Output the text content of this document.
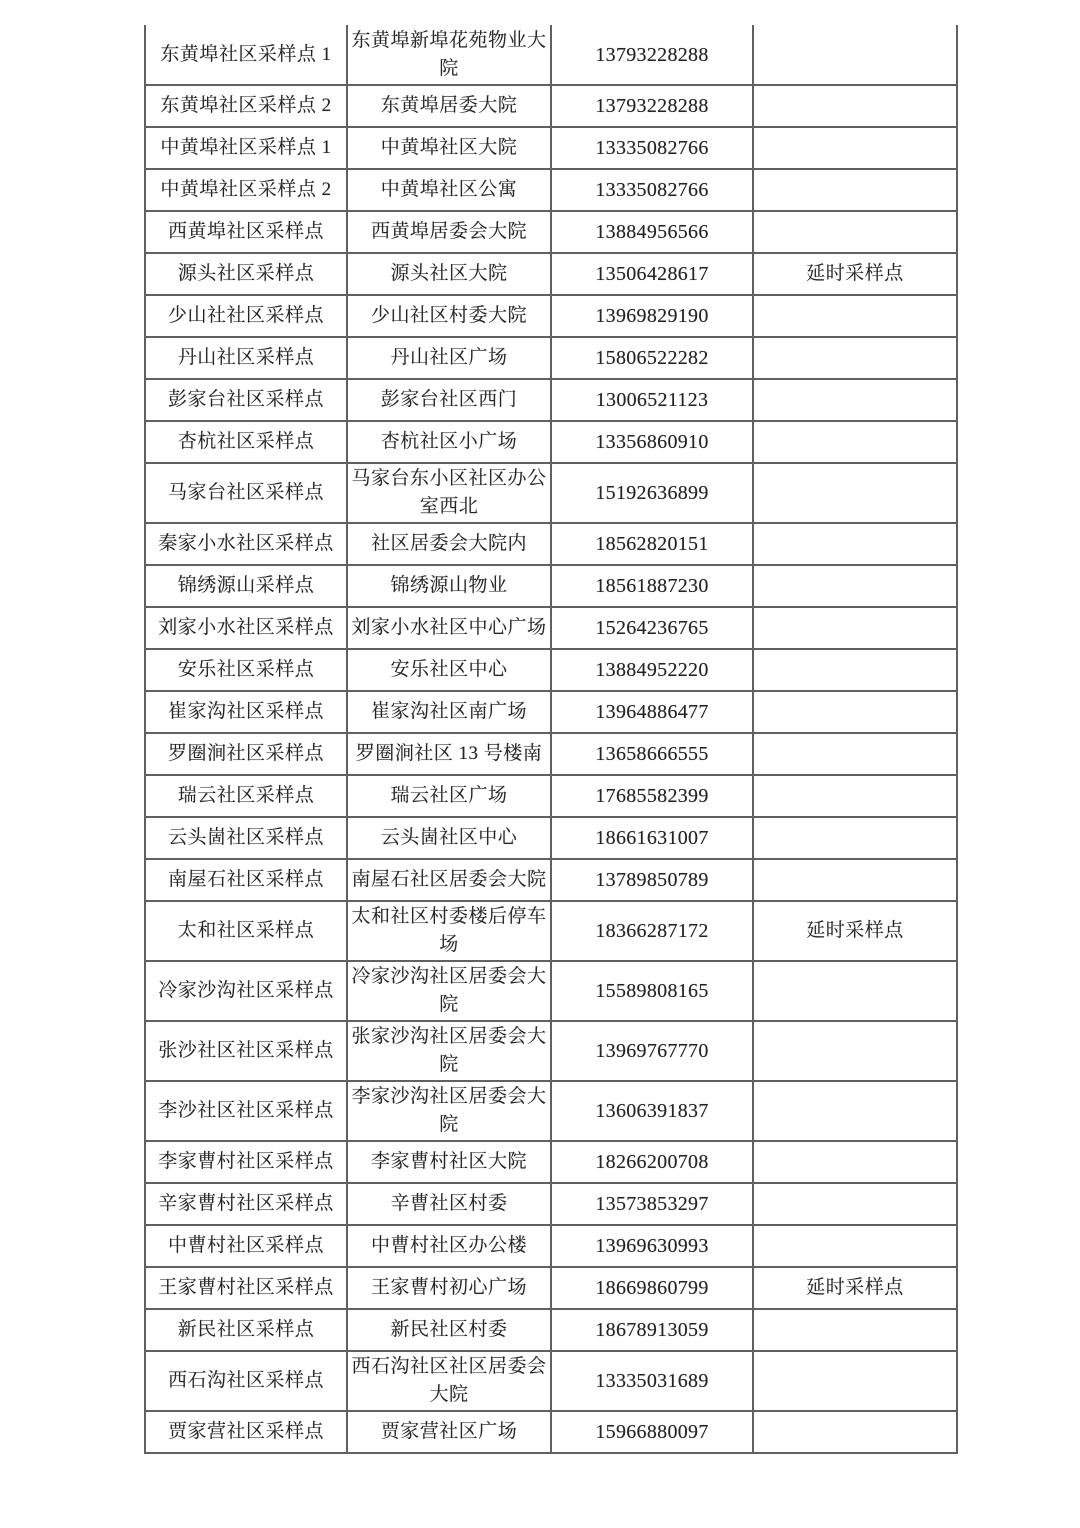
东黄埠社区采样点 1	东黄埠新埠花苑物业大院	13793228288	
东黄埠社区采样点 2	东黄埠居委大院	13793228288	
中黄埠社区采样点 1	中黄埠社区大院	13335082766	
中黄埠社区采样点 2	中黄埠社区公寓	13335082766	
西黄埠社区采样点	西黄埠居委会大院	13884956566	
源头社区采样点	源头社区大院	13506428617	延时采样点
少山社社区采样点	少山社区村委大院	13969829190	
丹山社区采样点	丹山社区广场	15806522282	
彭家台社区采样点	彭家台社区西门	13006521123	
杏杭社区采样点	杏杭社区小广场	13356860910	
马家台社区采样点	马家台东小区社区办公室西北	15192636899	
秦家小水社区采样点	社区居委会大院内	18562820151	
锦绣源山采样点	锦绣源山物业	18561887230	
刘家小水社区采样点	刘家小水社区中心广场	15264236765	
安乐社区采样点	安乐社区中心	13884952220	
崔家沟社区采样点	崔家沟社区南广场	13964886477	
罗圈涧社区采样点	罗圈涧社区 13 号楼南	13658666555	
瑞云社区采样点	瑞云社区广场	17685582399	
云头崮社区采样点	云头崮社区中心	18661631007	
南屋石社区采样点	南屋石社区居委会大院	13789850789	
太和社区采样点	太和社区村委楼后停车场	18366287172	延时采样点
冷家沙沟社区采样点	冷家沙沟社区居委会大院	15589808165	
张沙社区社区采样点	张家沙沟社区居委会大院	13969767770	
李沙社区社区采样点	李家沙沟社区居委会大院	13606391837	
李家曹村社区采样点	李家曹村社区大院	18266200708	
辛家曹村社区采样点	辛曹社区村委	13573853297	
中曹村社区采样点	中曹村社区办公楼	13969630993	
王家曹村社区采样点	王家曹村初心广场	18669860799	延时采样点
新民社区采样点	新民社区村委	18678913059	
西石沟社区采样点	西石沟社区社区居委会大院	13335031689	
贾家营社区采样点	贾家营社区广场	15966880097	
